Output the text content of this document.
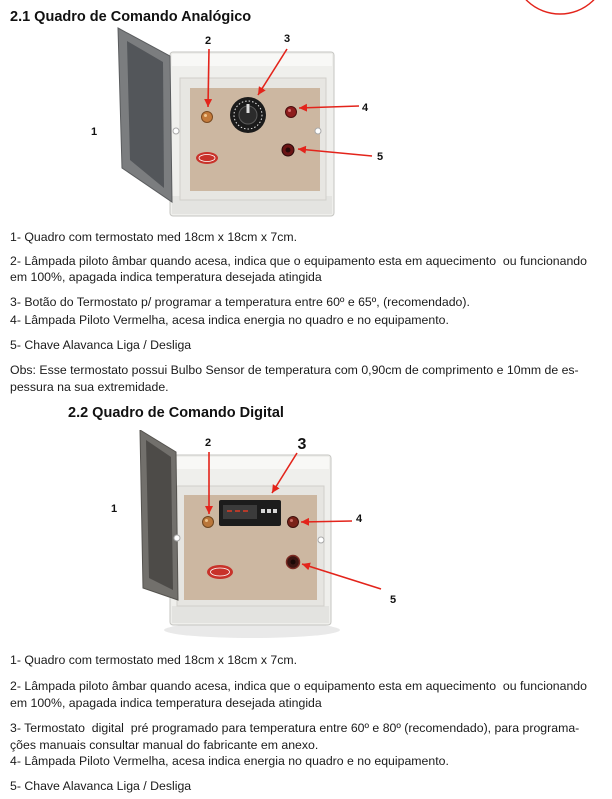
2.1 Quadro de Comando Analógico
1
2	3
4
5
1- Quadro com termostato med 18cm x 18cm x 7cm.
2- Lâmpada piloto âmbar quando acesa, indica que o equipamento esta em aquecimento  ou funcionando
em 100%, apagada indica temperatura desejada atingida
3- Botão do Termostato p/ programar a temperatura entre 60º e 65º, (recomendado).
4- Lâmpada Piloto Vermelha, acesa indica energia no quadro e no equipamento.
5- Chave Alavanca Liga / Desliga
Obs: Esse termostato possui Bulbo Sensor de temperatura com 0,90cm de comprimento e 10mm de es-
pessura na sua extremidade.
2.2 Quadro de Comando Digital
1
2	3
4
5
1- Quadro com termostato med 18cm x 18cm x 7cm.
2- Lâmpada piloto âmbar quando acesa, indica que o equipamento esta em aquecimento  ou funcionando
em 100%, apagada indica temperatura desejada atingida
3- Termostato  digital  pré programado para temperatura entre 60º e 80º (recomendado), para programa-
ções manuais consultar manual do fabricante em anexo.
4- Lâmpada Piloto Vermelha, acesa indica energia no quadro e no equipamento.
5- Chave Alavanca Liga / Desliga
